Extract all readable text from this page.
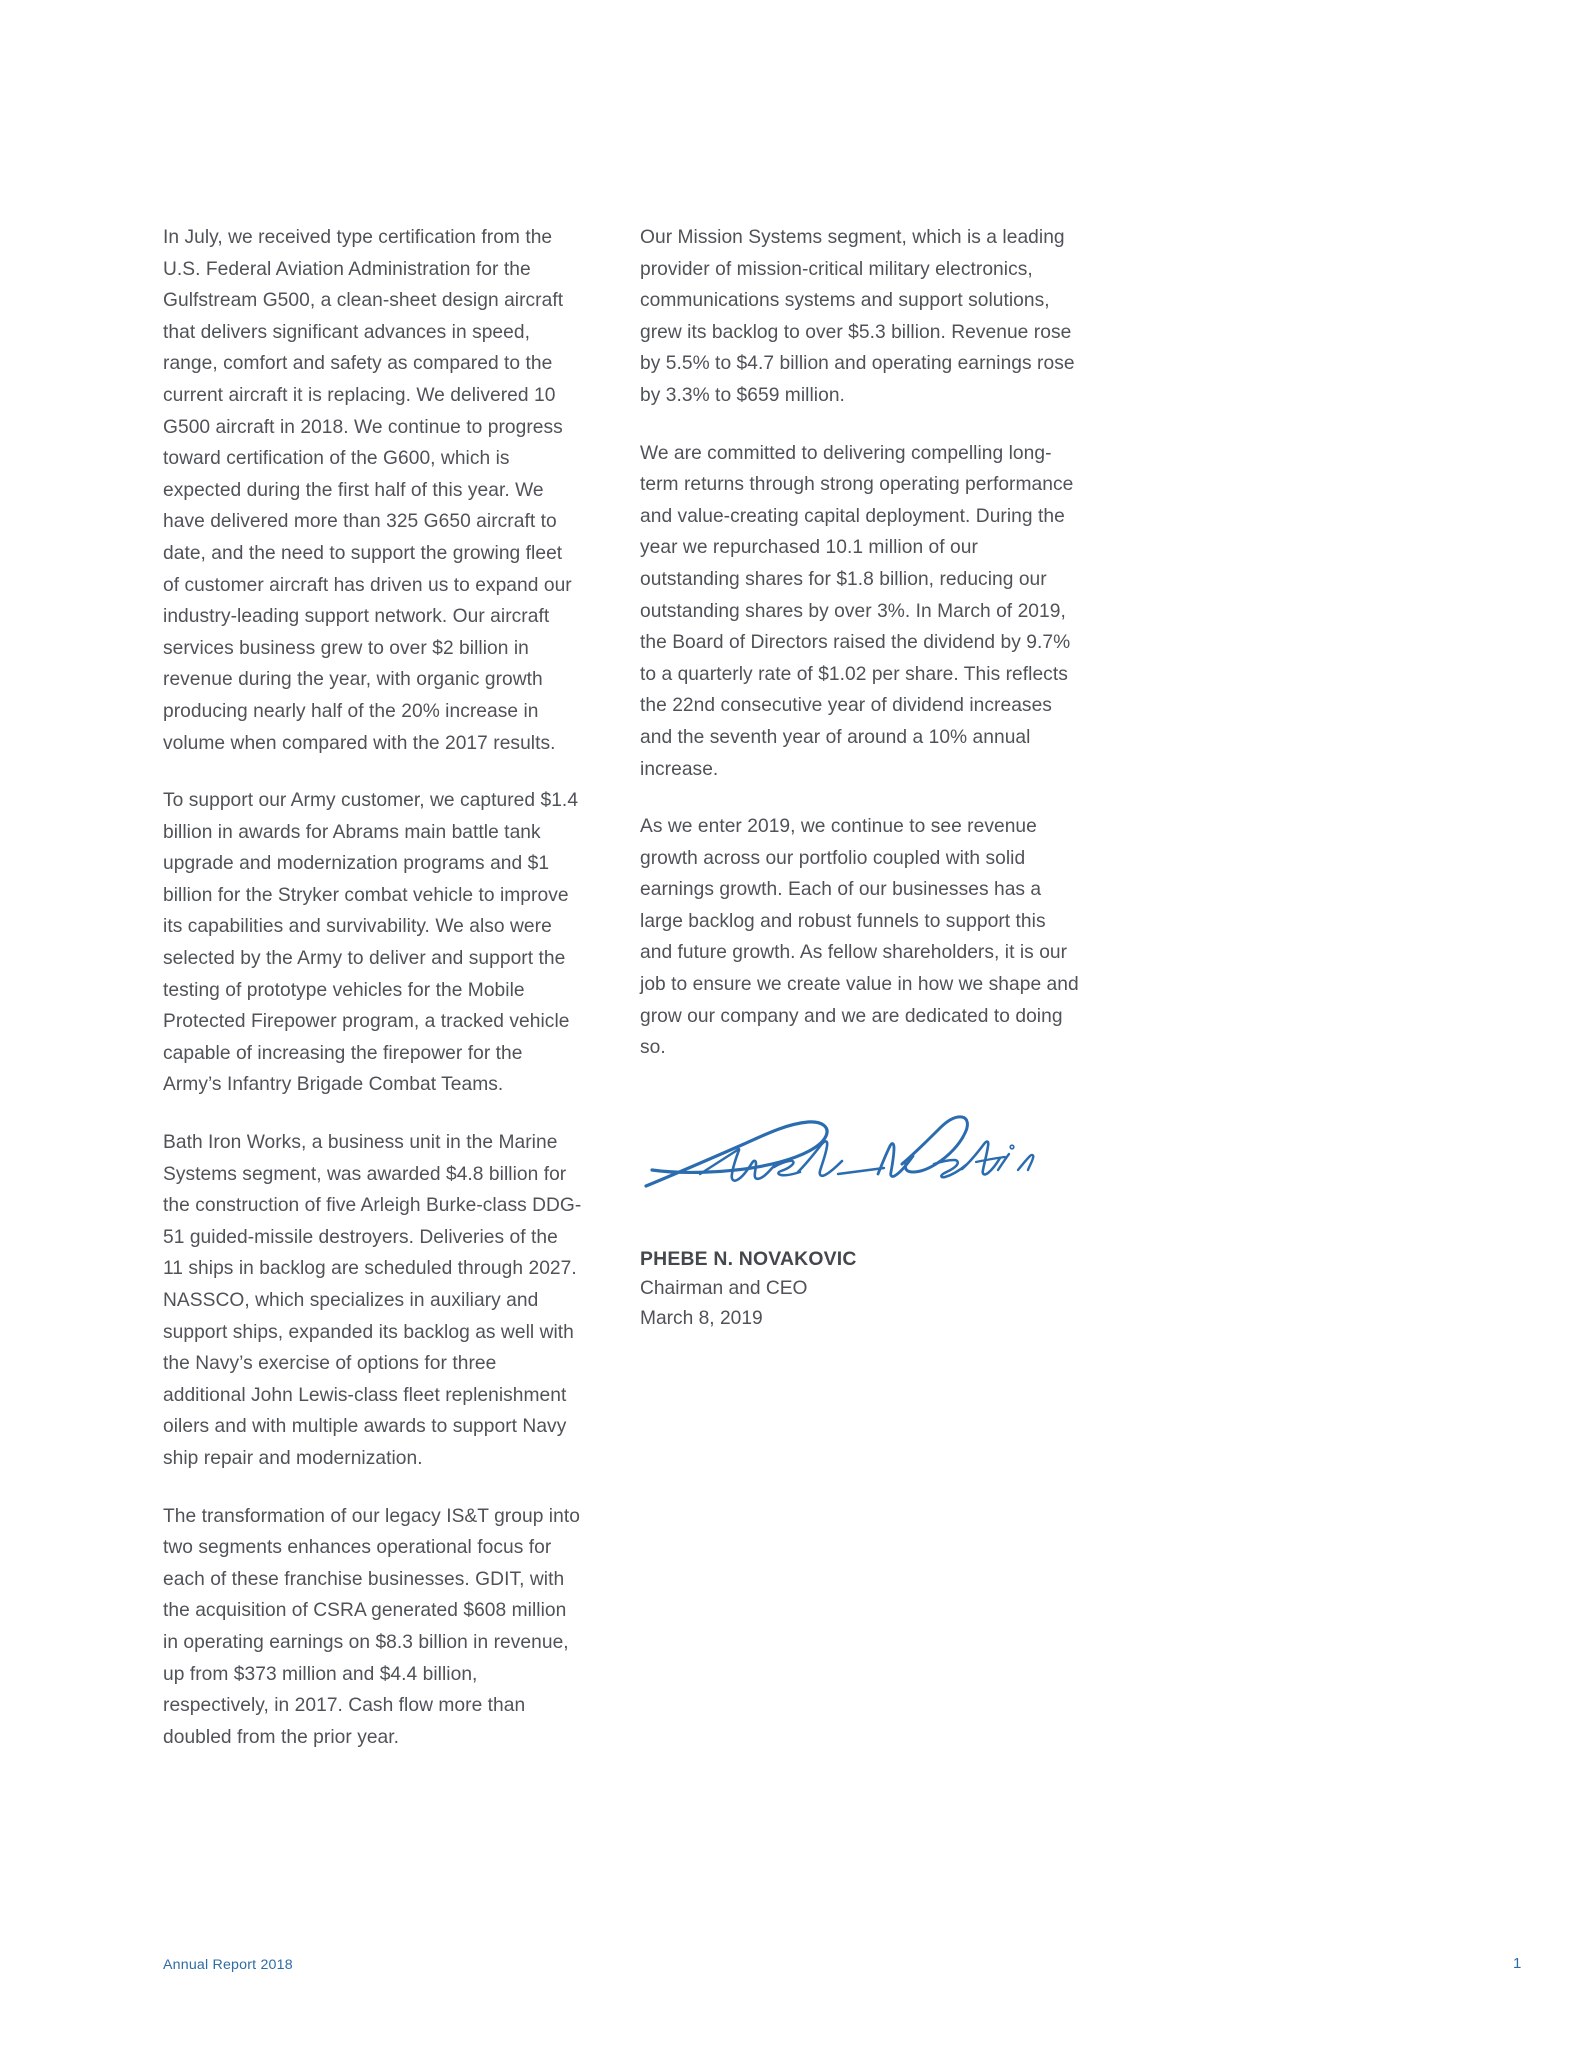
In July, we received type certification from the U.S. Federal Aviation Administration for the Gulfstream G500, a clean-sheet design aircraft that delivers significant advances in speed, range, comfort and safety as compared to the current aircraft it is replacing. We delivered 10 G500 aircraft in 2018. We continue to progress toward certification of the G600, which is expected during the first half of this year. We have delivered more than 325 G650 aircraft to date, and the need to support the growing fleet of customer aircraft has driven us to expand our industry-leading support network. Our aircraft services business grew to over $2 billion in revenue during the year, with organic growth producing nearly half of the 20% increase in volume when compared with the 2017 results.

To support our Army customer, we captured $1.4 billion in awards for Abrams main battle tank upgrade and modernization programs and $1 billion for the Stryker combat vehicle to improve its capabilities and survivability. We also were selected by the Army to deliver and support the testing of prototype vehicles for the Mobile Protected Firepower program, a tracked vehicle capable of increasing the firepower for the Army’s Infantry Brigade Combat Teams.

Bath Iron Works, a business unit in the Marine Systems segment, was awarded $4.8 billion for the construction of five Arleigh Burke-class DDG-51 guided-missile destroyers. Deliveries of the 11 ships in backlog are scheduled through 2027. NASSCO, which specializes in auxiliary and support ships, expanded its backlog as well with the Navy’s exercise of options for three additional John Lewis-class fleet replenishment oilers and with multiple awards to support Navy ship repair and modernization.

The transformation of our legacy IS&T group into two segments enhances operational focus for each of these franchise businesses. GDIT, with the acquisition of CSRA generated $608 million in operating earnings on $8.3 billion in revenue, up from $373 million and $4.4 billion, respectively, in 2017. Cash flow more than doubled from the prior year.

Our Mission Systems segment, which is a leading provider of mission-critical military electronics, communications systems and support solutions, grew its backlog to over $5.3 billion. Revenue rose by 5.5% to $4.7 billion and operating earnings rose by 3.3% to $659 million.

We are committed to delivering compelling long-term returns through strong operating performance and value-creating capital deployment. During the year we repurchased 10.1 million of our outstanding shares for $1.8 billion, reducing our outstanding shares by over 3%. In March of 2019, the Board of Directors raised the dividend by 9.7% to a quarterly rate of $1.02 per share. This reflects the 22nd consecutive year of dividend increases and the seventh year of around a 10% annual increase.

As we enter 2019, we continue to see revenue growth across our portfolio coupled with solid earnings growth. Each of our businesses has a large backlog and robust funnels to support this and future growth. As fellow shareholders, it is our job to ensure we create value in how we shape and grow our company and we are dedicated to doing so.

PHEBE N. NOVAKOVIC

Chairman and CEO

March 8, 2019

Annual Report 2018	1
